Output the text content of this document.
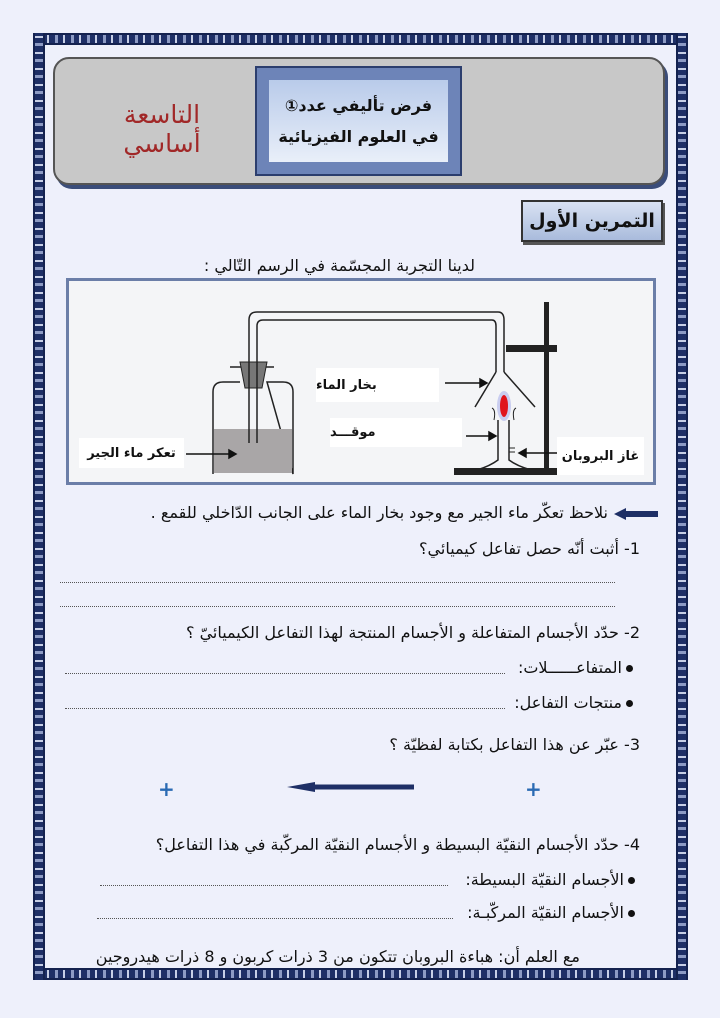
فرض تأليفي عدد①
في العلوم الفيزيائية
التاسعة أساسي
التمرين الأول
لدينا التجربة المجسّمة في الرسم التّالي :
تعكر ماء الجير
بخار الماء
موقـــد
غاز البروبان
نلاحظ تعكّر ماء الجير مع وجود بخار الماء على الجانب الدّاخلي للقمع .
1- أثبت أنّه حصل تفاعل كيميائي؟
2- حدّد الأجسام المتفاعلة و الأجسام المنتجة لهذا التفاعل الكيميائيّ ؟
المتفاعــــــلات:
منتجات التفاعل:
3- عبّر عن هذا التفاعل بكتابة لفظيّة ؟
+	+
4- حدّد الأجسام النقيّة البسيطة و الأجسام النقيّة المركّبة في هذا التفاعل؟
الأجسام النقيّة البسيطة:
الأجسام النقيّة المركّبـة:
مع العلم أن: هباءة البروبان تتكون من 3 ذرات كربون و 8 ذرات هيدروجين
